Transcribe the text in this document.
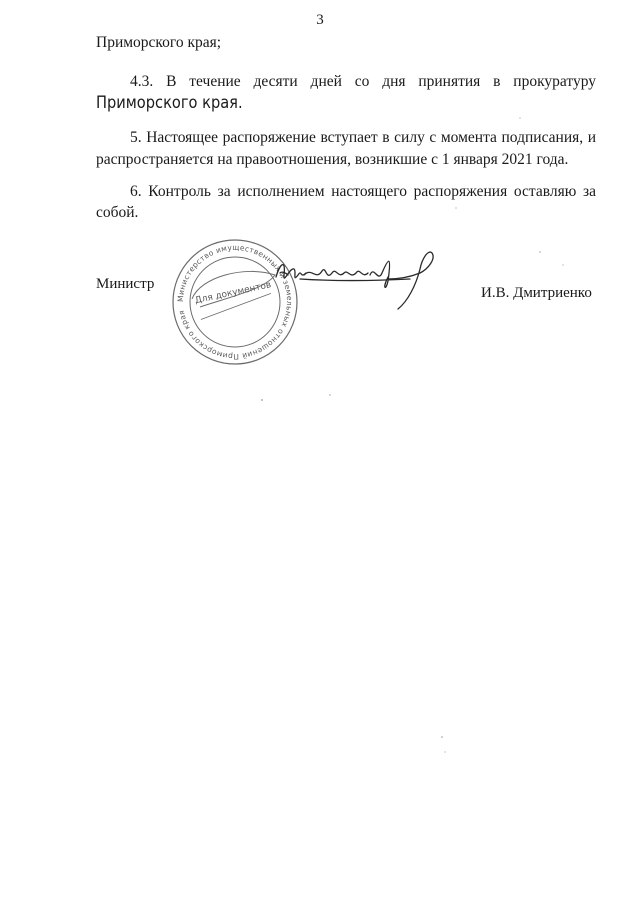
3
Приморского края;
4.3. В течение десяти дней со дня принятия в прокуратуру
Приморского края.
5. Настоящее распоряжение вступает в силу с момента подписания, и
распространяется на правоотношения, возникшие с 1 января 2021 года.
6. Контроль за исполнением настоящего распоряжения оставляю за
собой.
Министр
Министерство имущественных и земельных отношений Приморского края
Для документов	И.В. Дмитриенко
